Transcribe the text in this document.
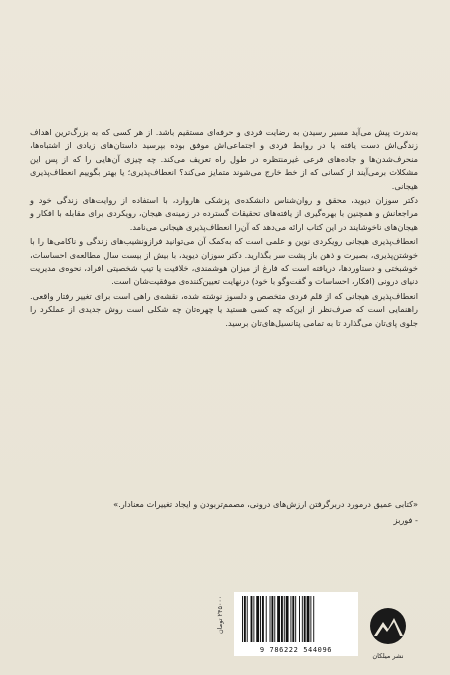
به‌ندرت پیش می‌آید مسیر رسیدن به رضایت فردی و حرفه‌ای مستقیم باشد. از هر کسی که به بزرگ‌ترین اهداف زندگی‌اش دست یافته یا در روابط فردی و اجتماعی‌اش موفق بوده بپرسید داستان‌های زیادی از اشتباه‌ها، منحرف‌شدن‌ها و جاده‌های فرعی غیرمنتظره در طول راه تعریف می‌کند. چه چیزی آن‌هایی را که از پس این مشکلات برمی‌آیند از کسانی که از خط خارج می‌شوند متمایز می‌کند؟ انعطاف‌پذیری؛ یا بهتر بگوییم انعطاف‌پذیری هیجانی.

دکتر سوزان دیوید، محقق و روان‌شناس دانشکده‌ی پزشکی هاروارد، با استفاده از روایت‌های زندگی خود و مراجعانش و همچنین با بهره‌گیری از یافته‌های تحقیقات گسترده در زمینه‌ی هیجان، رویکردی برای مقابله با افکار و هیجان‌های ناخوشایند در این کتاب ارائه می‌دهد که آن‌را انعطاف‌پذیری هیجانی می‌نامد.

انعطاف‌پذیری هیجانی رویکردی نوین و علمی است که به‌کمک آن می‌توانید فرازونشیب‌های زندگی و ناکامی‌ها را با خوشتن‌پذیری، بصیرت و ذهن باز پشت سر بگذارید. دکتر سوزان دیوید، با بیش از بیست سال مطالعه‌ی احساسات، خوشبختی و دستاوردها، دریافته است که فارغ از میزان هوشمندی، خلاقیت یا تیپ شخصیتی افراد، نحوه‌ی مدیریت دنیای درونی (افکار، احساسات و گفت‌وگو با خود) درنهایت تعیین‌کننده‌ی موفقیت‌شان است.

انعطاف‌پذیری هیجانی که از قلم فردی متخصص و دلسوز نوشته شده، نقشه‌ی راهی است برای تغییر رفتار واقعی. راهنمایی است که صرف‌نظر از این‌که چه کسی هستید یا چهره‌تان چه شکلی است روش جدیدی از عملکرد را جلوی پای‌تان می‌گذارد تا به تمامی پتانسیل‌های‌تان برسید.

«کتابی عمیق درمورد دربرگرفتن ارزش‌های درونی، مصمم‌تربودن و ایجاد تغییرات معنادار.»
- فوربز
۲۴۵۰۰۰ تومان
9 786222 544096
نشر میلکان
